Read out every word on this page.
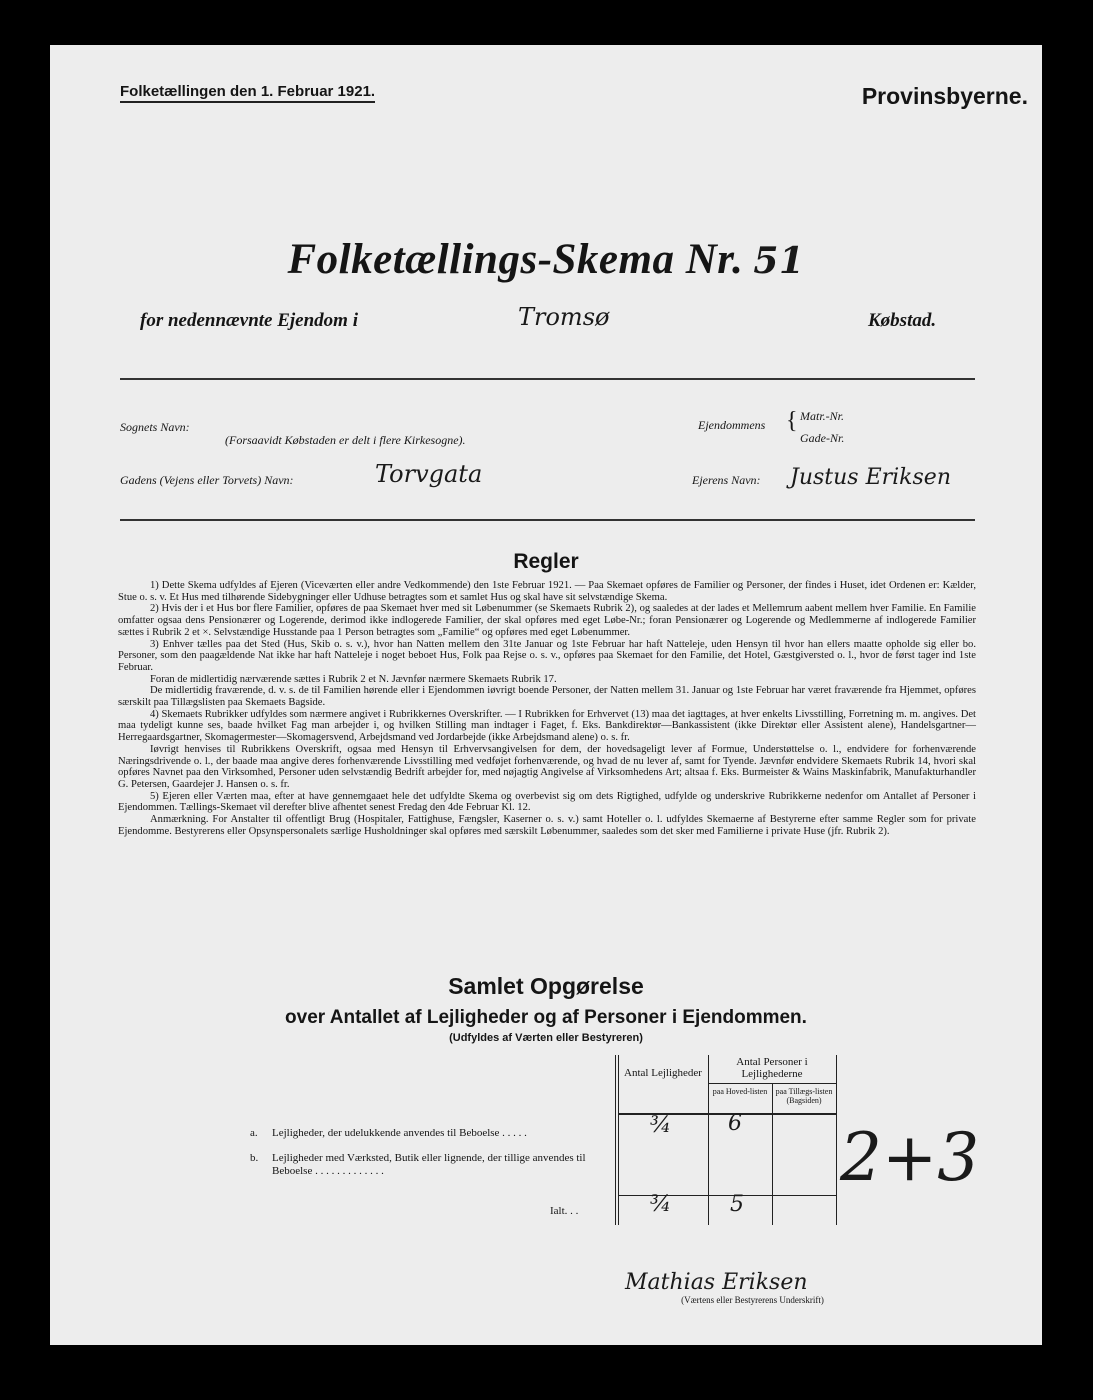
Folketællingen den 1. Februar 1921.	Provinsbyerne.
Folketællings-Skema Nr. 51
for nedennævnte Ejendom i	Tromsø	Købstad.
Sognets Navn:
(Forsaavidt Købstaden er delt i flere Kirkesogne).
Ejendommens { Matr.-Nr.
Gade-Nr.
Gadens (Vejens eller Torvets) Navn:	Torvgata	Ejerens Navn: Justus Eriksen
Regler

1) Dette Skema udfyldes af Ejeren (Viceværten eller andre Vedkommende) den 1ste Februar 1921. — Paa Skemaet opføres de Familier og Personer, der findes i Huset, idet Ordenen er: Kælder, Stue o. s. v. Et Hus med tilhørende Sidebygninger eller Udhuse betragtes som et samlet Hus og skal have sit selvstændige Skema.

2) Hvis der i et Hus bor flere Familier, opføres de paa Skemaet hver med sit Løbenummer (se Skemaets Rubrik 2), og saaledes at der lades et Mellemrum aabent mellem hver Familie. En Familie omfatter ogsaa dens Pensionærer og Logerende, derimod ikke indlogerede Familier, der skal opføres med eget Løbe-Nr.; foran Pensionærer og Logerende og Medlemmerne af indlogerede Familier sættes i Rubrik 2 et ×. Selvstændige Husstande paa 1 Person betragtes som „Familie“ og opføres med eget Løbenummer.

3) Enhver tælles paa det Sted (Hus, Skib o. s. v.), hvor han Natten mellem den 31te Januar og 1ste Februar har haft Natteleje, uden Hensyn til hvor han ellers maatte opholde sig eller bo. Personer, som den paagældende Nat ikke har haft Natteleje i noget beboet Hus, Folk paa Rejse o. s. v., opføres paa Skemaet for den Familie, det Hotel, Gæstgiversted o. l., hvor de først tager ind 1ste Februar.

Foran de midlertidig nærværende sættes i Rubrik 2 et N. Jævnfør nærmere Skemaets Rubrik 17.

De midlertidig fraværende, d. v. s. de til Familien hørende eller i Ejendommen iøvrigt boende Personer, der Natten mellem 31. Januar og 1ste Februar har været fraværende fra Hjemmet, opføres særskilt paa Tillægslisten paa Skemaets Bagside.

4) Skemaets Rubrikker udfyldes som nærmere angivet i Rubrikkernes Overskrifter. — I Rubrikken for Erhvervet (13) maa det iagttages, at hver enkelts Livsstilling, Forretning m. m. angives. Det maa tydeligt kunne ses, baade hvilket Fag man arbejder i, og hvilken Stilling man indtager i Faget, f. Eks. Bankdirektør—Bankassistent (ikke Direktør eller Assistent alene), Handelsgartner—Herregaardsgartner, Skomagermester—Skomagersvend, Arbejdsmand ved Jordarbejde (ikke Arbejdsmand alene) o. s. fr.

Iøvrigt henvises til Rubrikkens Overskrift, ogsaa med Hensyn til Erhvervsangivelsen for dem, der hovedsageligt lever af Formue, Understøttelse o. l., endvidere for forhenværende Næringsdrivende o. l., der baade maa angive deres forhenværende Livsstilling med vedføjet forhenværende, og hvad de nu lever af, samt for Tyende. Jævnfør endvidere Skemaets Rubrik 14, hvori skal opføres Navnet paa den Virksomhed, Personer uden selvstændig Bedrift arbejder for, med nøjagtig Angivelse af Virksomhedens Art; altsaa f. Eks. Burmeister & Wains Maskinfabrik, Manufakturhandler G. Petersen, Gaardejer J. Hansen o. s. fr.

5) Ejeren eller Værten maa, efter at have gennemgaaet hele det udfyldte Skema og overbevist sig om dets Rigtighed, udfylde og underskrive Rubrikkerne nedenfor om Antallet af Personer i Ejendommen. Tællings-Skemaet vil derefter blive afhentet senest Fredag den 4de Februar Kl. 12.

Anmærkning. For Anstalter til offentligt Brug (Hospitaler, Fattighuse, Fængsler, Kaserner o. s. v.) samt Hoteller o. l. udfyldes Skemaerne af Bestyrerne efter samme Regler som for private Ejendomme. Bestyrerens eller Opsynspersonalets særlige Husholdninger skal opføres med særskilt Løbenummer, saaledes som det sker med Familierne i private Huse (jfr. Rubrik 2).

Samlet Opgørelse
over Antallet af Lejligheder og af Personer i Ejendommen.
(Udfyldes af Værten eller Bestyreren)
Antal Lejligheder
Antal Personer i Lejlighederne
paa Hoved-listen	paa Tillægs-listen (Bagsiden)
a. Lejligheder, der udelukkende anvendes til Beboelse . . . . .	¾	6
b. Lejligheder med Værksted, Butik eller lignende, der tillige anvendes til Beboelse . . . . . . . . . . . . .
Ialt. . .	¾	5
2+3
Mathias Eriksen
(Værtens eller Bestyrerens Underskrift)
